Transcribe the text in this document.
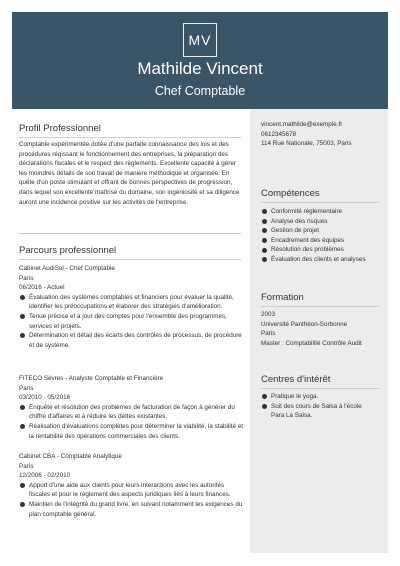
MV
Mathilde Vincent
Chef Comptable
Profil Professionnel
Comptable expérimentée dotée d'une parfaite connaissance des lois et des procédures régissant le fonctionnement des entreprises, la préparation des déclarations fiscales et le respect des règlements. Excellente capacité à gérer les moindres détails de son travail de manière méthodique et organisée. En quête d'un poste stimulant et offrant de bonnes perspectives de progression, dans lequel son excellente maîtrise du domaine, son ingéniosité et sa diligence auront une incidence positive sur les activités de l'entreprise.
Parcours professionnel
Cabinet AudiSol - Chef Comptable
Paris
06/2016 - Actuel
Évaluation des systèmes comptables et financiers pour évaluer la qualité, identifier les préoccupations et élaborer des stratégies d'amélioration.
Tenue précise et à jour des comptes pour l'ensemble des programmes, services et projets.
Détermination et détail des écarts des contrôles de processus, de procédure et de système.
FITECO Sèvres - Analyste Comptable et Financière
Paris
03/2010 - 05/2016
Enquête et résolution des problèmes de facturation de façon à générer du chiffre d'affaires et à réduire les dettes existantes.
Réalisation d'évaluations complètes pour déterminer la viabilité, la stabilité et la rentabilité des opérations commerciales des clients.
Cabinet CBA - Comptable Analytique
Paris
12/2006 - 02/2010
Apport d'une aide aux clients pour leurs interactions avec les autorités fiscales et pour le règlement des aspects juridiques liés à leurs finances.
Maintien de l'intégrité du grand livre, en suivant notamment les exigences du plan comptable général.
vincent.mathilde@exemple.fr
0612345678
114 Rue Nationale, 75003, Paris
Compétences
Conformité réglementaire
Analyse des risques
Gestion de projet
Encadrement des équipes
Résolution des problèmes
Évaluation des clients et analyses
Formation
2003
Université Panthéon-Sorbonne
Paris
Master : Comptabilité Contrôle Audit
Centres d'intérêt
Pratique le yoga.
Suit des cours de Salsa à l'école Para La Salsa.
